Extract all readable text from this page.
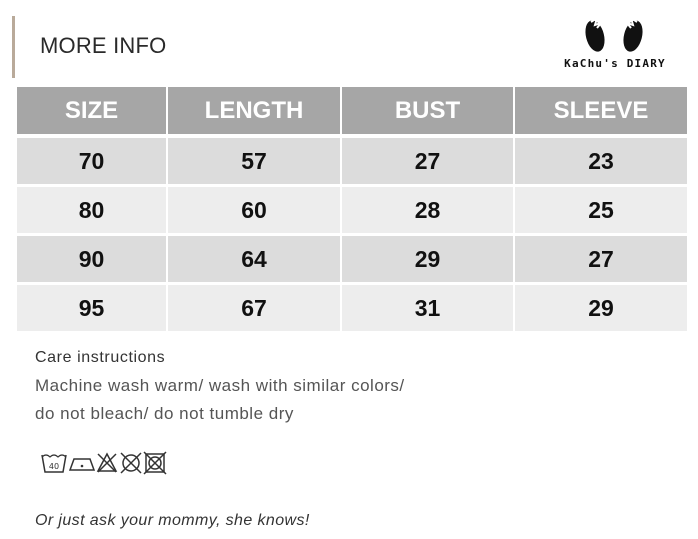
MORE INFO
KaChu's DIARY
SIZE	LENGTH	BUST	SLEEVE
70	57	27	23
80	60	28	25
90	64	29	27
95	67	31	29
Care instructions
Machine wash warm/ wash with similar colors/
do not bleach/ do not tumble dry
40
Or just ask your mommy, she knows!
